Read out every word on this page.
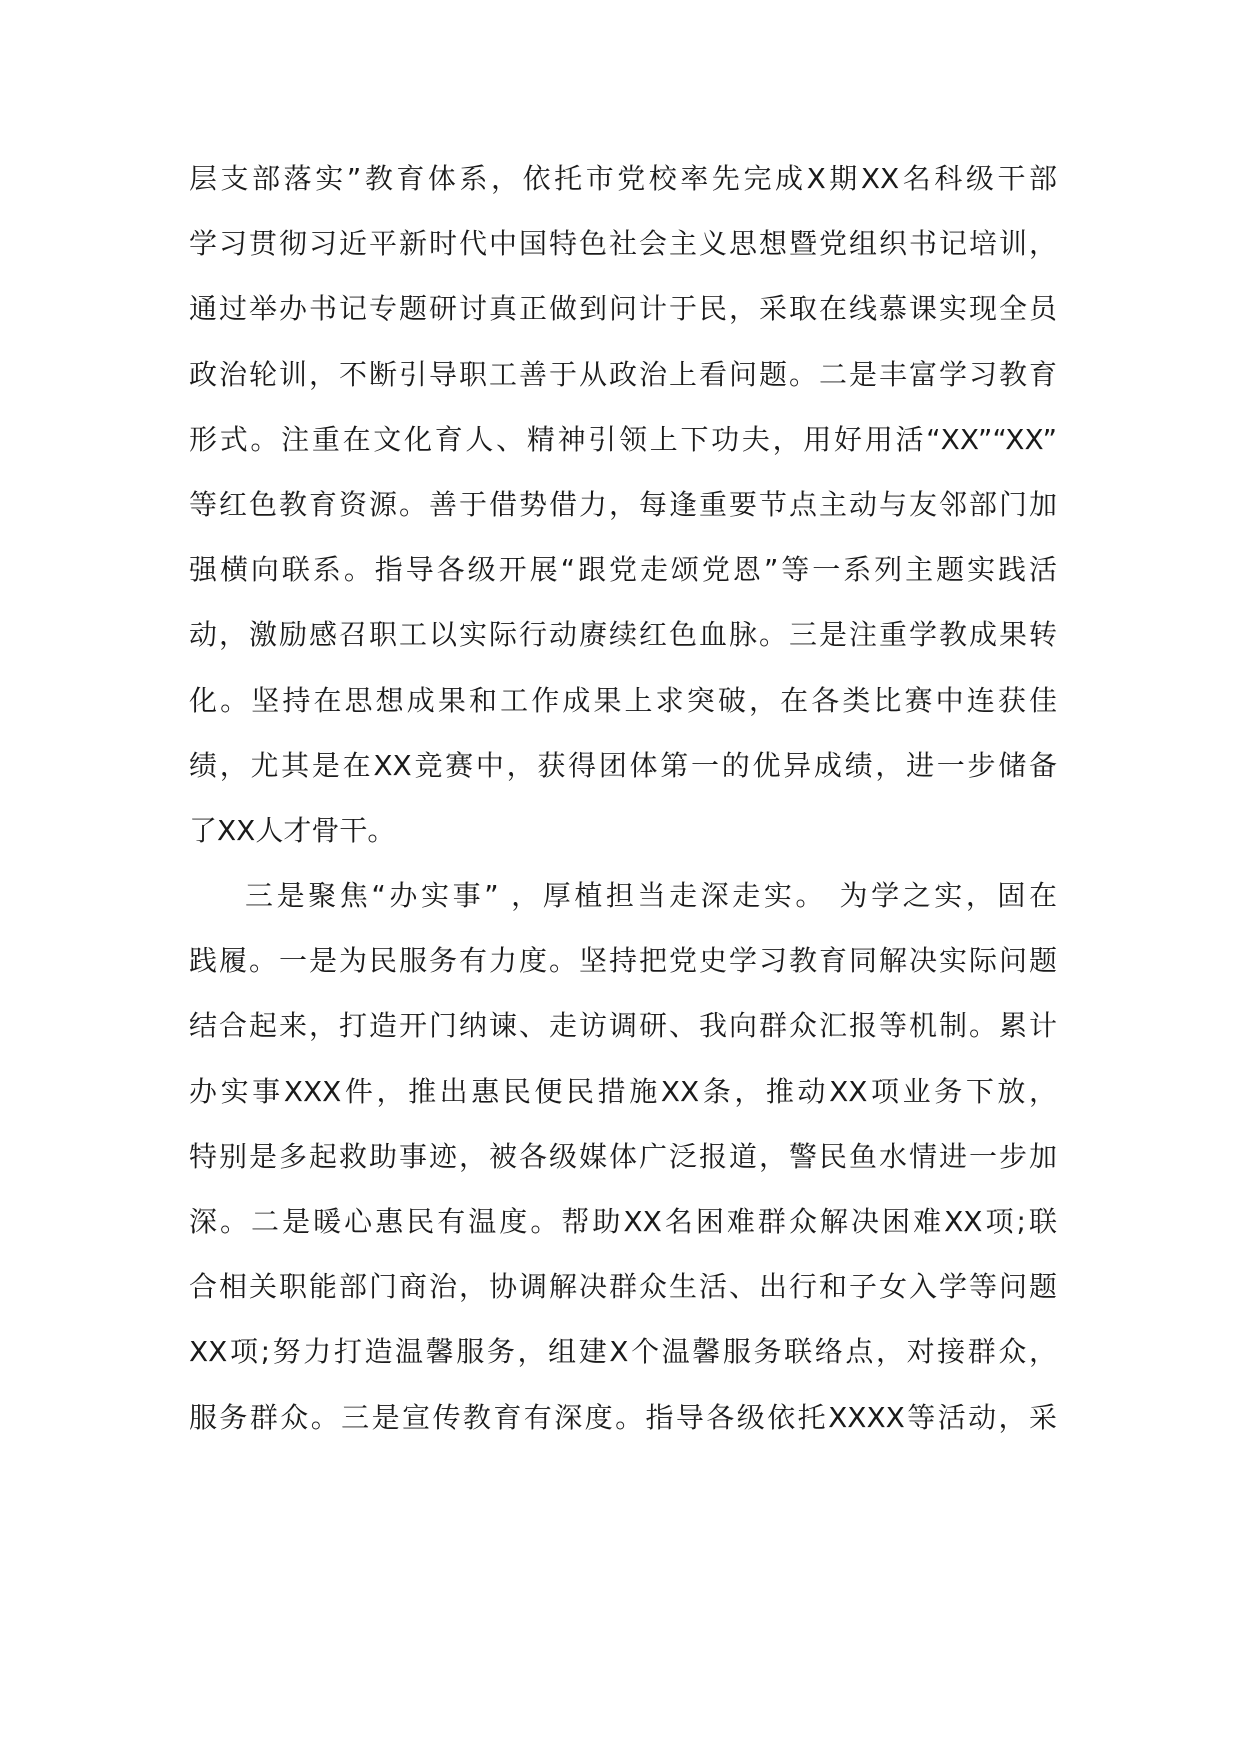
层支部落实”教育体系，依托市党校率先完成X期XX名科级干部
学习贯彻习近平新时代中国特色社会主义思想暨党组织书记培训，
通过举办书记专题研讨真正做到问计于民，采取在线慕课实现全员
政治轮训，不断引导职工善于从政治上看问题。二是丰富学习教育
形式。注重在文化育人、精神引领上下功夫，用好用活“XX”“XX”
等红色教育资源。善于借势借力，每逢重要节点主动与友邻部门加
强横向联系。指导各级开展“跟党走颂党恩”等一系列主题实践活
动，激励感召职工以实际行动赓续红色血脉。三是注重学教成果转
化。坚持在思想成果和工作成果上求突破，在各类比赛中连获佳
绩，尤其是在XX竞赛中，获得团体第一的优异成绩，进一步储备
了XX人才骨干。
三是聚焦“办实事” ，厚植担当走深走实。 为学之实，固在
践履。一是为民服务有力度。坚持把党史学习教育同解决实际问题
结合起来，打造开门纳谏、走访调研、我向群众汇报等机制。累计
办实事XXX件，推出惠民便民措施XX条，推动XX项业务下放，
特别是多起救助事迹，被各级媒体广泛报道，警民鱼水情进一步加
深。二是暖心惠民有温度。帮助XX名困难群众解决困难XX项;联
合相关职能部门商治，协调解决群众生活、出行和子女入学等问题
XX项;努力打造温馨服务，组建X个温馨服务联络点，对接群众，
服务群众。三是宣传教育有深度。指导各级依托XXXX等活动，采
